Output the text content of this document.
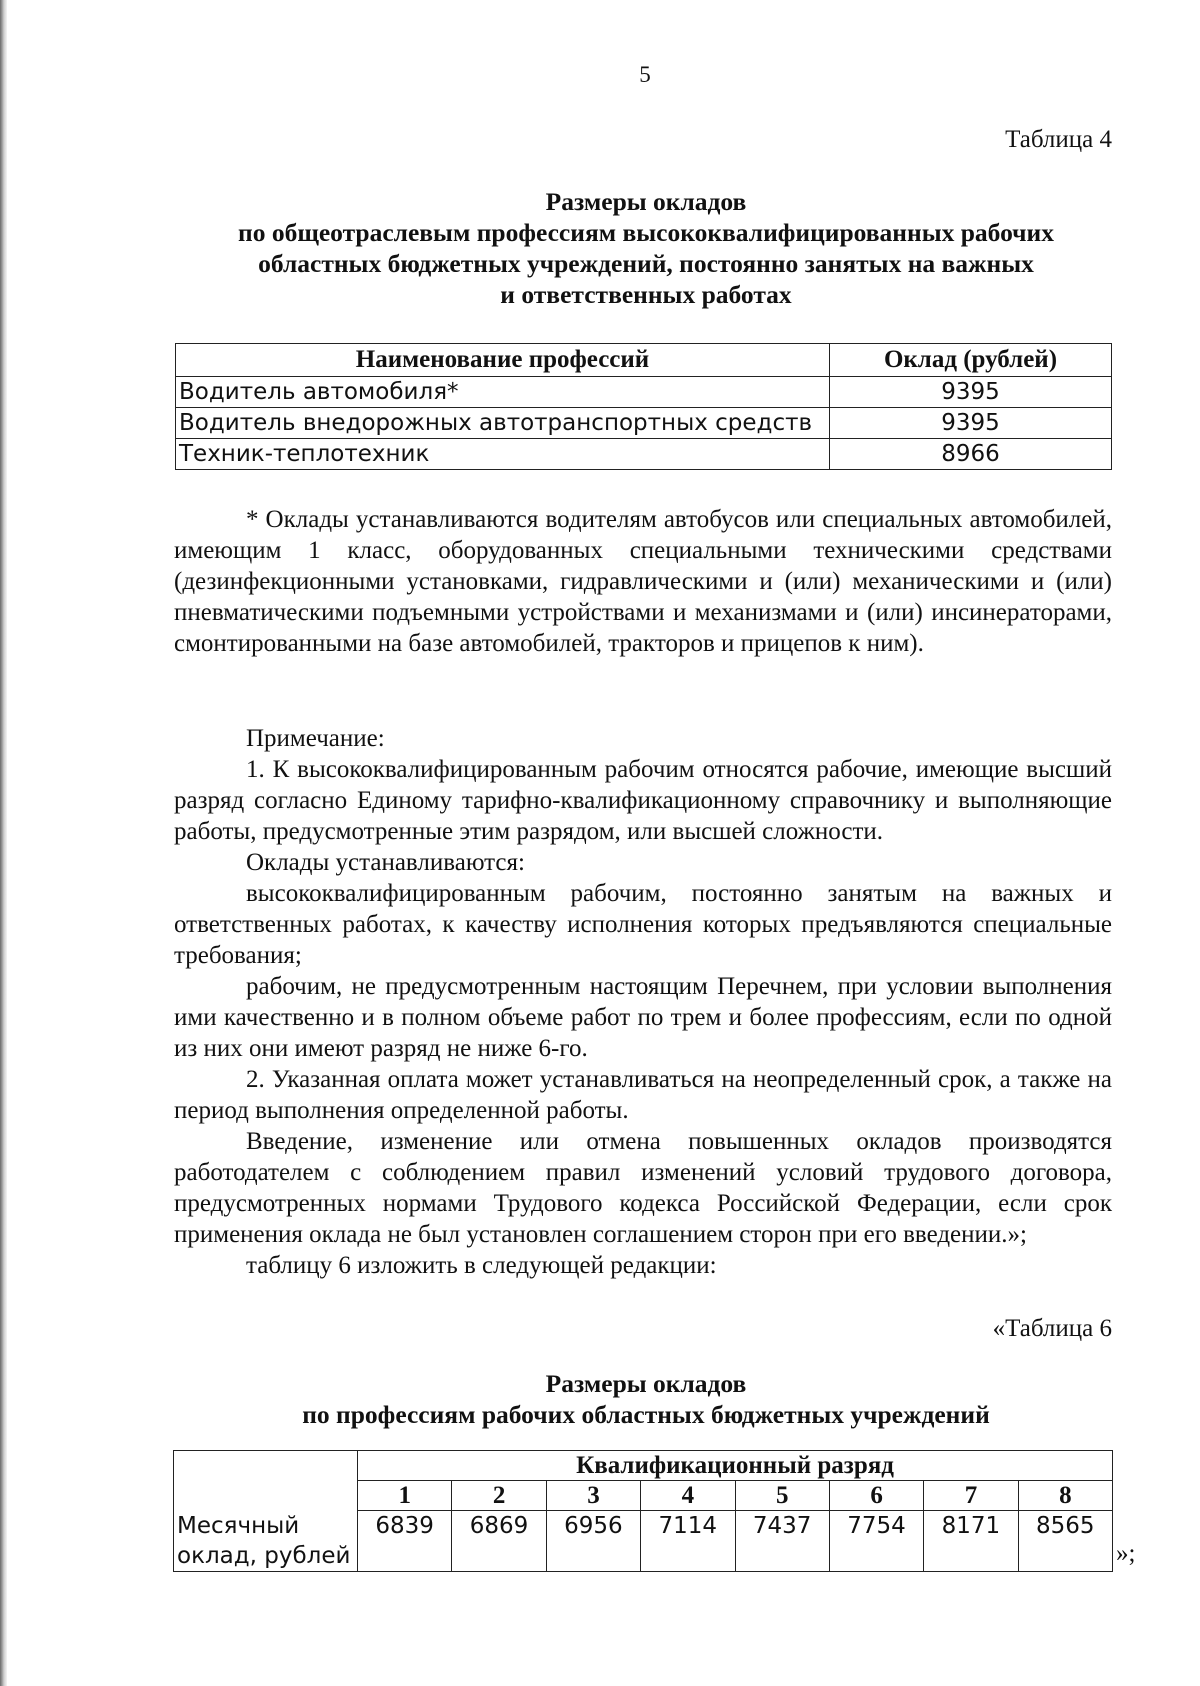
5
Таблица 4
Размеры окладов
по общеотраслевым профессиям высококвалифицированных рабочих
областных бюджетных учреждений, постоянно занятых на важных
и ответственных работах
Наименование профессий	Оклад (рублей)
Водитель автомобиля*	9395
Водитель внедорожных автотранспортных средств	9395
Техник-теплотехник	8966

* Оклады устанавливаются водителям автобусов или специальных автомобилей, имеющим 1 класс, оборудованных специальными техническими средствами (дезинфекционными установками, гидравлическими и (или) механическими и (или) пневматическими подъемными устройствами и механизмами и (или) инсинераторами, смонтированными на базе автомобилей, тракторов и прицепов к ним).

Примечание:

1. К высококвалифицированным рабочим относятся рабочие, имеющие высший разряд согласно Единому тарифно-квалификационному справочнику и выполняющие работы, предусмотренные этим разрядом, или высшей сложности.

Оклады устанавливаются:

высококвалифицированным рабочим, постоянно занятым на важных и ответственных работах, к качеству исполнения которых предъявляются специальные требования;

рабочим, не предусмотренным настоящим Перечнем, при условии выполнения ими качественно и в полном объеме работ по трем и более профессиям, если по одной из них они имеют разряд не ниже 6-го.

2. Указанная оплата может устанавливаться на неопределенный срок, а также на период выполнения определенной работы.

Введение, изменение или отмена повышенных окладов производятся работодателем с соблюдением правил изменений условий трудового договора, предусмотренных нормами Трудового кодекса Российской Федерации, если срок применения оклада не был установлен соглашением сторон при его введении.»;

таблицу 6 изложить в следующей редакции:

«Таблица 6
Размеры окладов
по профессиям рабочих областных бюджетных учреждений
	Квалификационный разряд							
	1	2	3	4	5	6	7	8
Месячный оклад, рублей	6839	6869	6956	7114	7437	7754	8171	8565
»;
